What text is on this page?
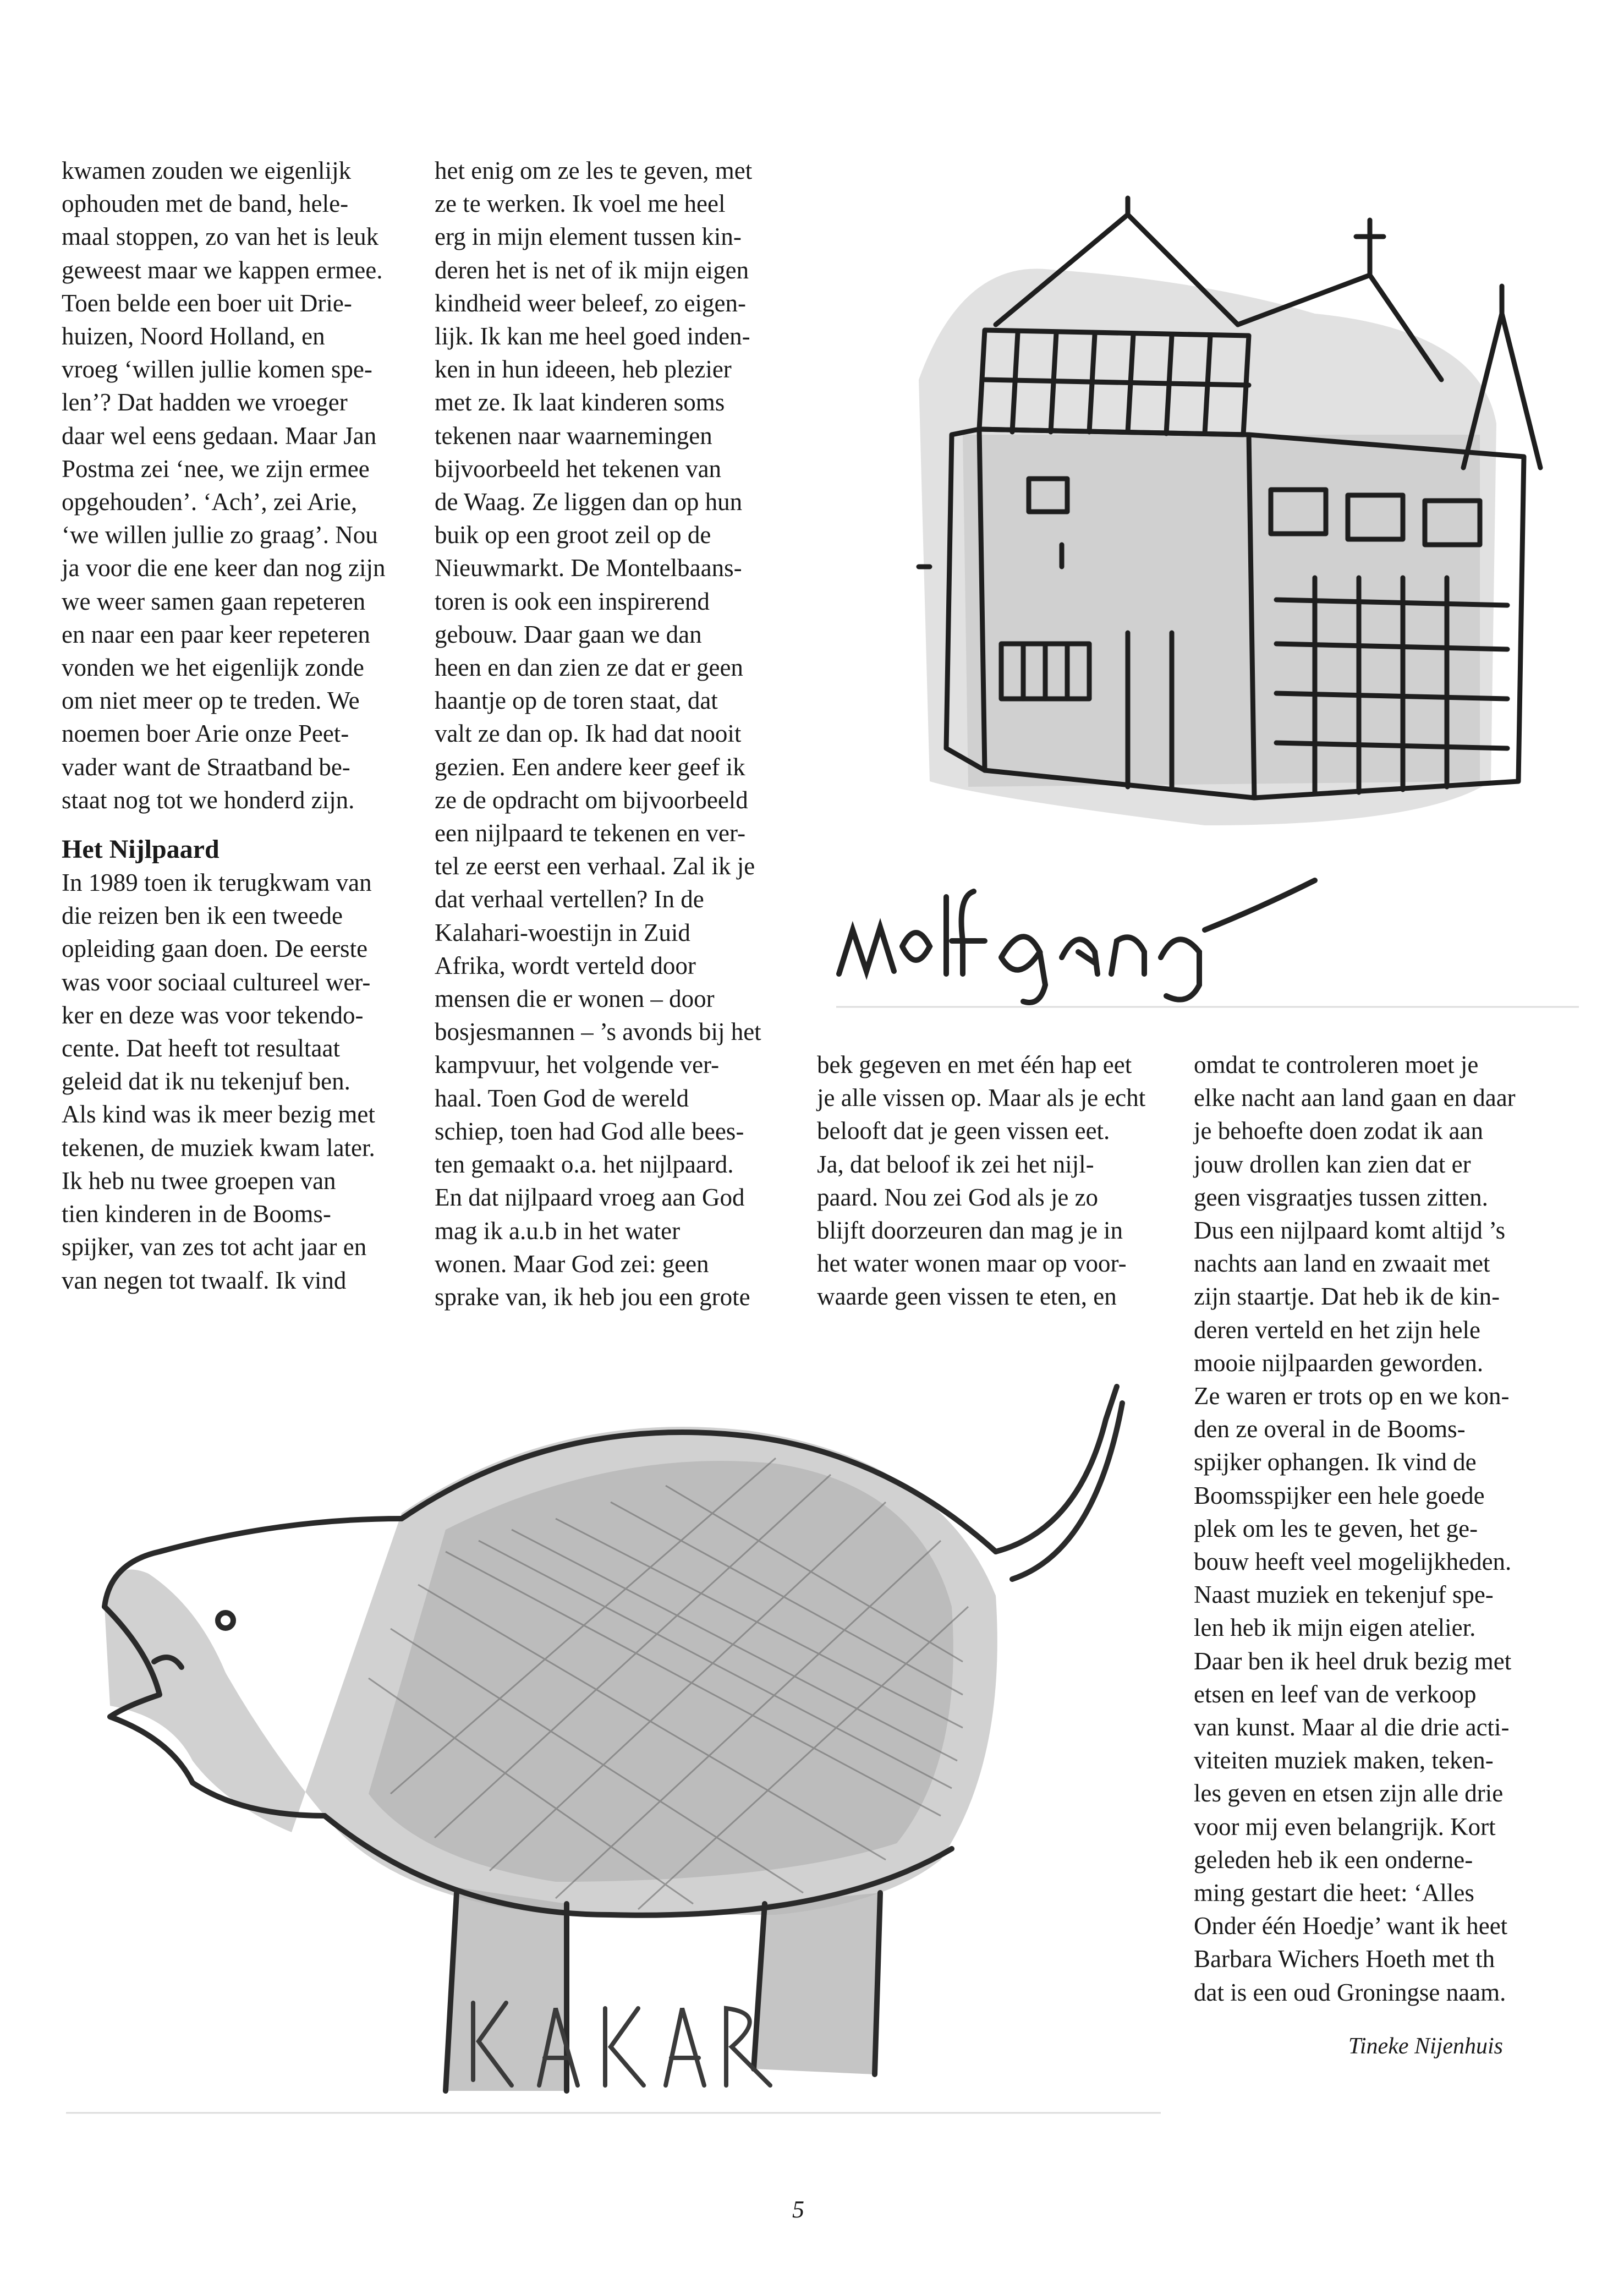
kwamen zouden we eigenlijk
ophouden met de band, hele-
maal stoppen, zo van het is leuk
geweest maar we kappen ermee.
Toen belde een boer uit Drie-
huizen, Noord Holland, en
vroeg ‘willen jullie komen spe-
len’? Dat hadden we vroeger
daar wel eens gedaan. Maar Jan
Postma zei ‘nee, we zijn ermee
opgehouden’. ‘Ach’, zei Arie,
‘we willen jullie zo graag’. Nou
ja voor die ene keer dan nog zijn
we weer samen gaan repeteren
en naar een paar keer repeteren
vonden we het eigenlijk zonde
om niet meer op te treden. We
noemen boer Arie onze Peet-
vader want de Straatband be-
staat nog tot we honderd zijn.
Het Nijlpaard
In 1989 toen ik terugkwam van
die reizen ben ik een tweede
opleiding gaan doen. De eerste
was voor sociaal cultureel wer-
ker en deze was voor tekendo-
cente. Dat heeft tot resultaat
geleid dat ik nu tekenjuf ben.
Als kind was ik meer bezig met
tekenen, de muziek kwam later.
Ik heb nu twee groepen van
tien kinderen in de Booms-
spijker, van zes tot acht jaar en
van negen tot twaalf. Ik vind
het enig om ze les te geven, met
ze te werken. Ik voel me heel
erg in mijn element tussen kin-
deren het is net of ik mijn eigen
kindheid weer beleef, zo eigen-
lijk. Ik kan me heel goed inden-
ken in hun ideeen, heb plezier
met ze. Ik laat kinderen soms
tekenen naar waarnemingen
bijvoorbeeld het tekenen van
de Waag. Ze liggen dan op hun
buik op een groot zeil op de
Nieuwmarkt. De Montelbaans-
toren is ook een inspirerend
gebouw. Daar gaan we dan
heen en dan zien ze dat er geen
haantje op de toren staat, dat
valt ze dan op. Ik had dat nooit
gezien. Een andere keer geef ik
ze de opdracht om bijvoorbeeld
een nijlpaard te tekenen en ver-
tel ze eerst een verhaal. Zal ik je
dat verhaal vertellen? In de
Kalahari-woestijn in Zuid
Afrika, wordt verteld door
mensen die er wonen – door
bosjesmannen – ’s avonds bij het
kampvuur, het volgende ver-
haal. Toen God de wereld
schiep, toen had God alle bees-
ten gemaakt o.a. het nijlpaard.
En dat nijlpaard vroeg aan God
mag ik a.u.b in het water
wonen. Maar God zei: geen
sprake van, ik heb jou een grote
bek gegeven en met één hap eet
je alle vissen op. Maar als je echt
belooft dat je geen vissen eet.
Ja, dat beloof ik zei het nijl-
paard. Nou zei God als je zo
blijft doorzeuren dan mag je in
het water wonen maar op voor-
waarde geen vissen te eten, en
omdat te controleren moet je
elke nacht aan land gaan en daar
je behoefte doen zodat ik aan
jouw drollen kan zien dat er
geen visgraatjes tussen zitten.
Dus een nijlpaard komt altijd ’s
nachts aan land en zwaait met
zijn staartje. Dat heb ik de kin-
deren verteld en het zijn hele
mooie nijlpaarden geworden.
Ze waren er trots op en we kon-
den ze overal in de Booms-
spijker ophangen. Ik vind de
Boomsspijker een hele goede
plek om les te geven, het ge-
bouw heeft veel mogelijkheden.
Naast muziek en tekenjuf spe-
len heb ik mijn eigen atelier.
Daar ben ik heel druk bezig met
etsen en leef van de verkoop
van kunst. Maar al die drie acti-
viteiten muziek maken, teken-
les geven en etsen zijn alle drie
voor mij even belangrijk. Kort
geleden heb ik een onderne-
ming gestart die heet: ‘Alles
Onder één Hoedje’ want ik heet
Barbara Wichers Hoeth met th
dat is een oud Groningse naam.
KAKARIA
Tineke Nijenhuis
5
